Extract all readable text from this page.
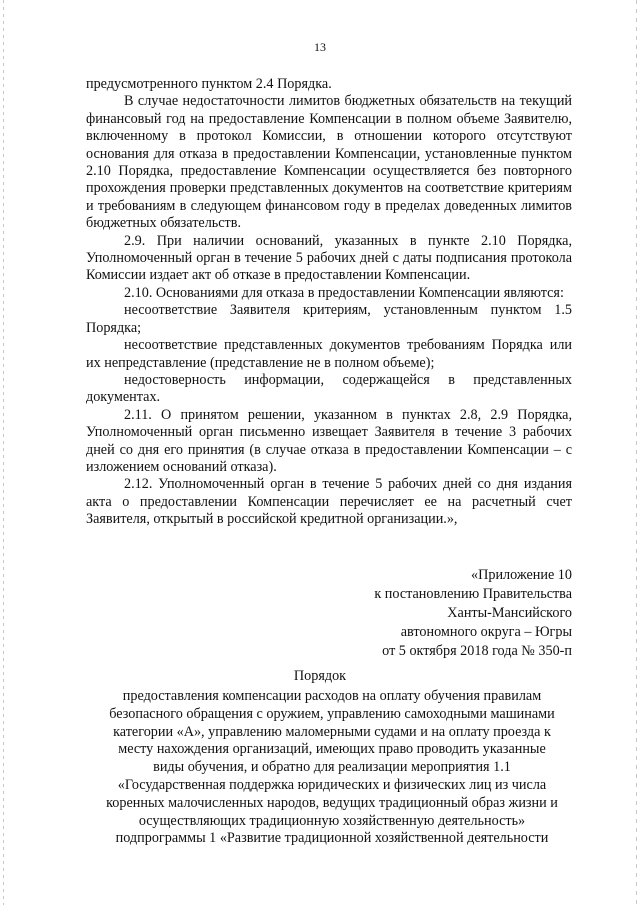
13

предусмотренного пунктом 2.4 Порядка.

В случае недостаточности лимитов бюджетных обязательств на текущий финансовый год на предоставление Компенсации в полном объеме Заявителю, включенному в протокол Комиссии, в отношении которого отсутствуют основания для отказа в предоставлении Компенсации, установленные пунктом 2.10 Порядка, предоставление Компенсации осуществляется без повторного прохождения проверки представленных документов на соответствие критериям и требованиям в следующем финансовом году в пределах доведенных лимитов бюджетных обязательств.

2.9. При наличии оснований, указанных в пункте 2.10 Порядка, Уполномоченный орган в течение 5 рабочих дней с даты подписания протокола Комиссии издает акт об отказе в предоставлении Компенсации.

2.10. Основаниями для отказа в предоставлении Компенсации являются:

несоответствие Заявителя критериям, установленным пунктом 1.5 Порядка;

несоответствие представленных документов требованиям Порядка или их непредставление (представление не в полном объеме);

недостоверность информации, содержащейся в представленных документах.

2.11. О принятом решении, указанном в пунктах 2.8, 2.9 Порядка, Уполномоченный орган письменно извещает Заявителя в течение 3 рабочих дней со дня его принятия (в случае отказа в предоставлении Компенсации – с изложением оснований отказа).

2.12. Уполномоченный орган в течение 5 рабочих дней со дня издания акта о предоставлении Компенсации перечисляет ее на расчетный счет Заявителя, открытый в российской кредитной организации.»,

«Приложение 10
к постановлению Правительства
Ханты-Мансийского
автономного округа – Югры
от 5 октября 2018 года № 350-п
Порядок
предоставления компенсации расходов на оплату обучения правилам
безопасного обращения с оружием, управлению самоходными машинами
категории «А», управлению маломерными судами и на оплату проезда к
месту нахождения организаций, имеющих право проводить указанные
виды обучения, и обратно для реализации мероприятия 1.1
«Государственная поддержка юридических и физических лиц из числа
коренных малочисленных народов, ведущих традиционный образ жизни и
осуществляющих традиционную хозяйственную деятельность»
подпрограммы 1 «Развитие традиционной хозяйственной деятельности
